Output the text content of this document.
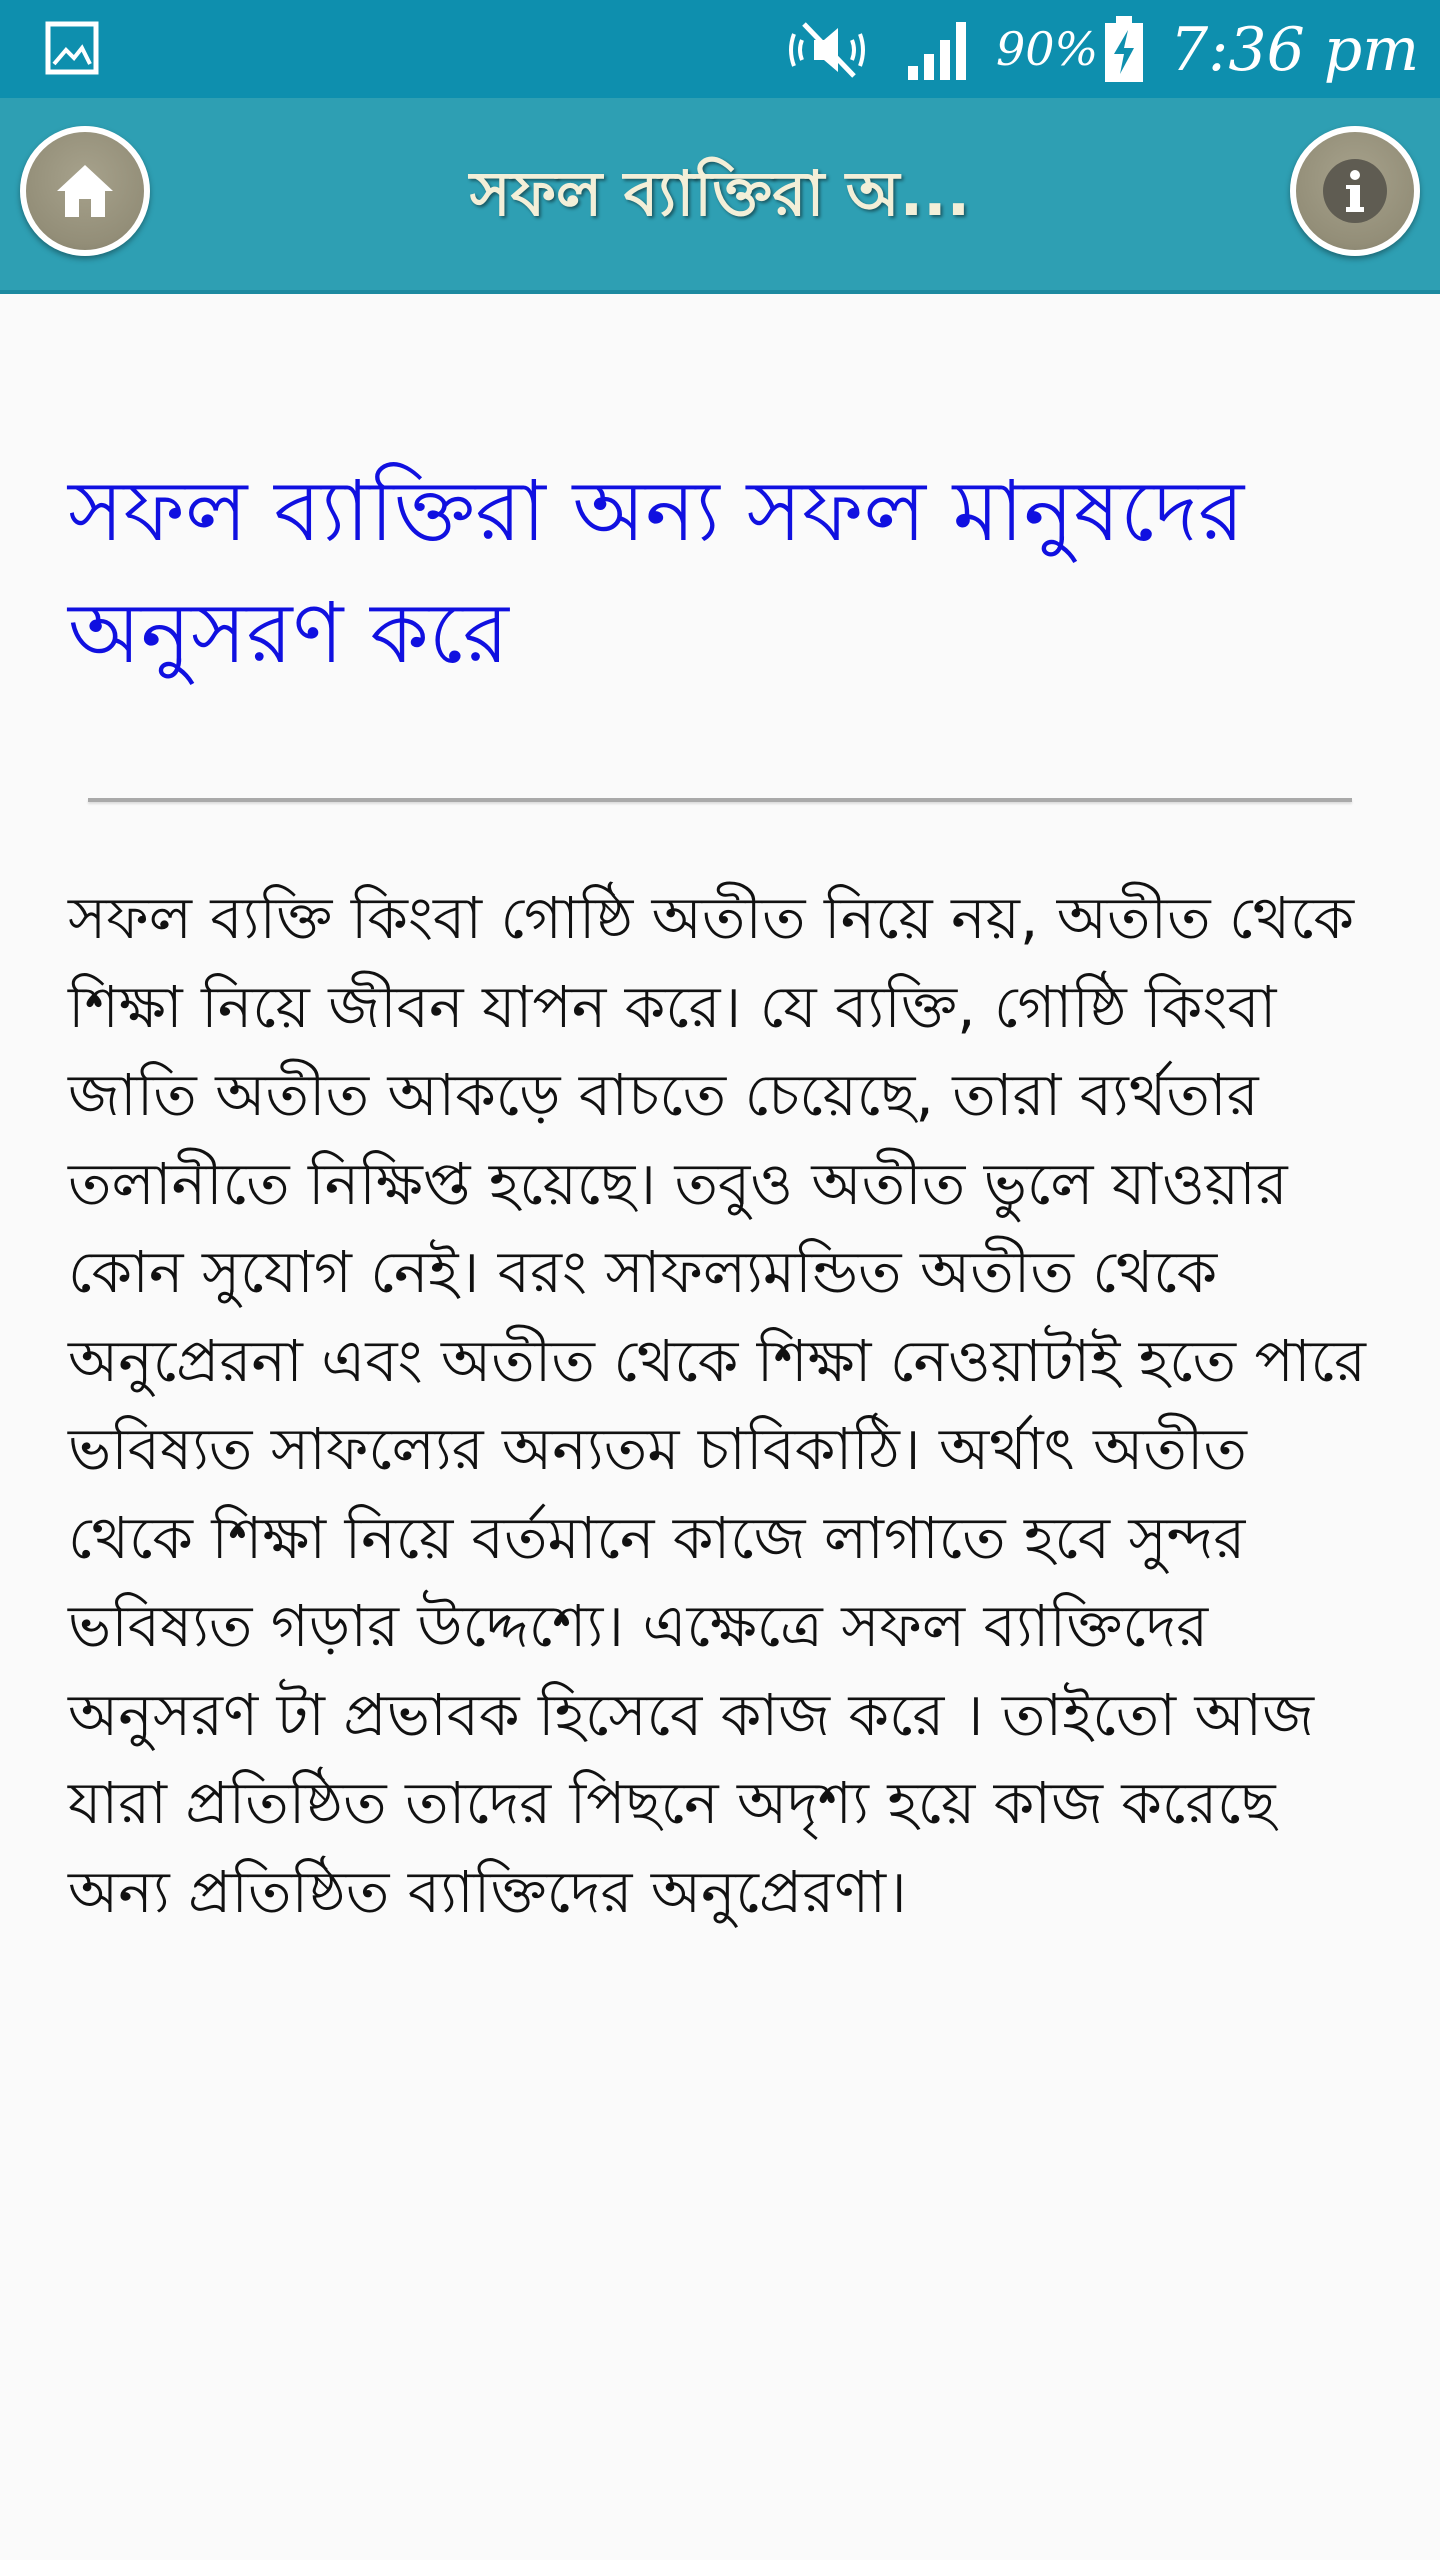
90% 7:36 pm
সফল ব্যাক্তিরা অ...
সফল ব্যাক্তিরা অন্য সফল মানুষদের অনুসরণ করে

সফল ব্যক্তি কিংবা গোষ্ঠি অতীত নিয়ে নয়, অতীত থেকে শিক্ষা নিয়ে জীবন যাপন করে। যে ব্যক্তি, গোষ্ঠি কিংবা জাতি অতীত আকড়ে বাচতে চেয়েছে, তারা ব্যর্থতার তলানীতে নিক্ষিপ্ত হয়েছে। তবুও অতীত ভুলে যাওয়ার কোন সুযোগ নেই। বরং সাফল্যমন্ডিত অতীত থেকে অনুপ্রেরনা এবং অতীত থেকে শিক্ষা নেওয়াটাই হতে পারে ভবিষ্যত সাফল্যের অন্যতম চাবিকাঠি। অর্থাৎ অতীত থেকে শিক্ষা নিয়ে বর্তমানে কাজে লাগাতে হবে সুন্দর ভবিষ্যত গড়ার উদ্দেশ্যে। এক্ষেত্রে সফল ব্যাক্তিদের অনুসরণ টা প্রভাবক হিসেবে কাজ করে । তাইতো আজ যারা প্রতিষ্ঠিত তাদের পিছনে অদৃশ্য হয়ে কাজ করেছে অন্য প্রতিষ্ঠিত ব্যাক্তিদের অনুপ্রেরণা।
